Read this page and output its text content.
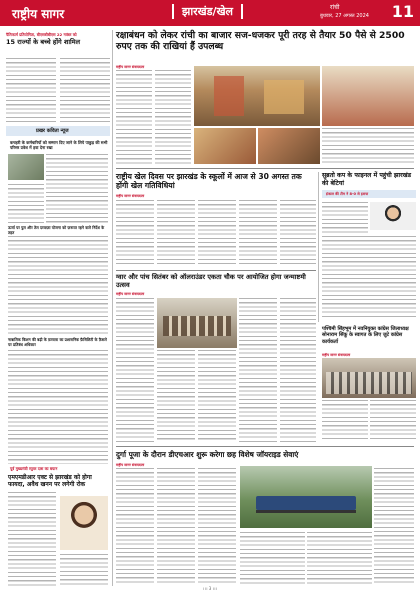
राष्ट्रीय सागर	झारखंड/खेल	रांची
बुधवार, 27 अगस्त 2024 11
पैलिफार्म प्रतियोगिता, बीएसबीबीएस 22 नवंबर को
15 राज्यों के बच्चे होंगे शामिल
प्रखर कविता न्यूज
कचहरी के कर्मचारियों को सम्मान दिए जाने के लिये पाकुड़ की सभी परिसर प्रवेश में हवा देना रखा
ऊर्जा पर पुल और तेल दरवाज़ा योजना को ज़रूरत रहने वाले निर्देश के तहत
नाबालिक किशन की बढ़ी के फ़रवारा का प्रशासनिक फ़ैसिलिटी के फ़ैसले पर प्रतिबंध अधिकार
पूर्व मुख्यमंत्री रघुवर दास का बयान
एमएमडीआर एक्ट से झारखंड को होगा फायदा, अवैध खनन पर लगेगी रोक
रक्षाबंधन को लेकर रांची का बाजार सज-धजकर पूरी तरह से तैयार 50 पैसे से 2500 रुपए तक की राखियां हैं उपलब्ध
राष्ट्रीय सागर संवाददाता
राष्ट्रीय खेल दिवस पर झारखंड के स्कूलों में आज से 30 अगस्त तक होंगी खेल गतिविधियां
राष्ट्रीय सागर संवाददाता
सुब्रतो कप के फाइनल में पहुंची झारखंड की बेटियां
इंफाल की टीम ने 8-0 से हराया
ग्वार और पांच सितंबर को ऑलराउंडर एकता चौक पर आयोजित होगा जन्माष्टमी उत्सव
राष्ट्रीय सागर संवाददाता
पश्चिमी सिंहभूम में नवनियुक्त कांग्रेस जिलाध्यक्ष सोनाराम सिंकू के स्वागत के लिए जुटे कांग्रेस कार्यकर्ता
राष्ट्रीय सागर संवाददाता
दुर्गा पूजा के दौरान डीएचआर शुरू करेगा छह विशेष जॉयराइड सेवाएं
राष्ट्रीय सागर संवाददाता
।।। 3 ।।।
